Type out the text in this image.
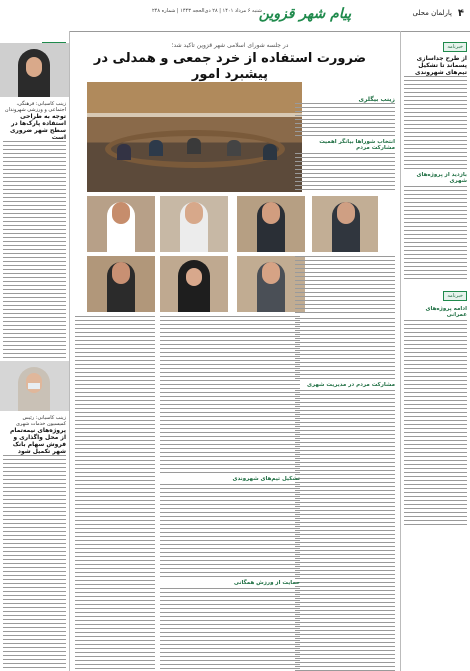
۴
پارلمان محلی
پیام شهر قزوین
شنبه ۶ مرداد ۱۴۰۱ | ۲۸ ذی‌الحجه ۱۴۴۳ | شماره ۲۴۸
خبرنامه
از طرح جداسازی پسماند تا تشکیل تیم‌های شهروندی
بازدید از پروژه‌های شهری
خبرنامه
ادامه پروژه‌های عمرانی
زینب کاسیانی: فرهنگی، اجتماعی و ورزشی شهروندان
توجه به طراحی استفاده پارک‌ها در سطح شهر ضروری است
زینب کاسیانی: رئیس کمیسیون خدمات شهری
پروژه‌های نیمه‌تمام از محل واگذاری و فروش سهام بانک شهر تکمیل شود
در جلسه شورای اسلامی شهر قزوین تاکید شد؛
ضرورت استفاده از خرد جمعی و همدلی در پیشبرد امور
زینب بیگلری
انتخاب شوراها بیانگر اهمیت مشارکت مردم
مشارکت مردم در مدیریت شهری
تشکیل تیم‌های شهروندی
حمایت از ورزش همگانی
